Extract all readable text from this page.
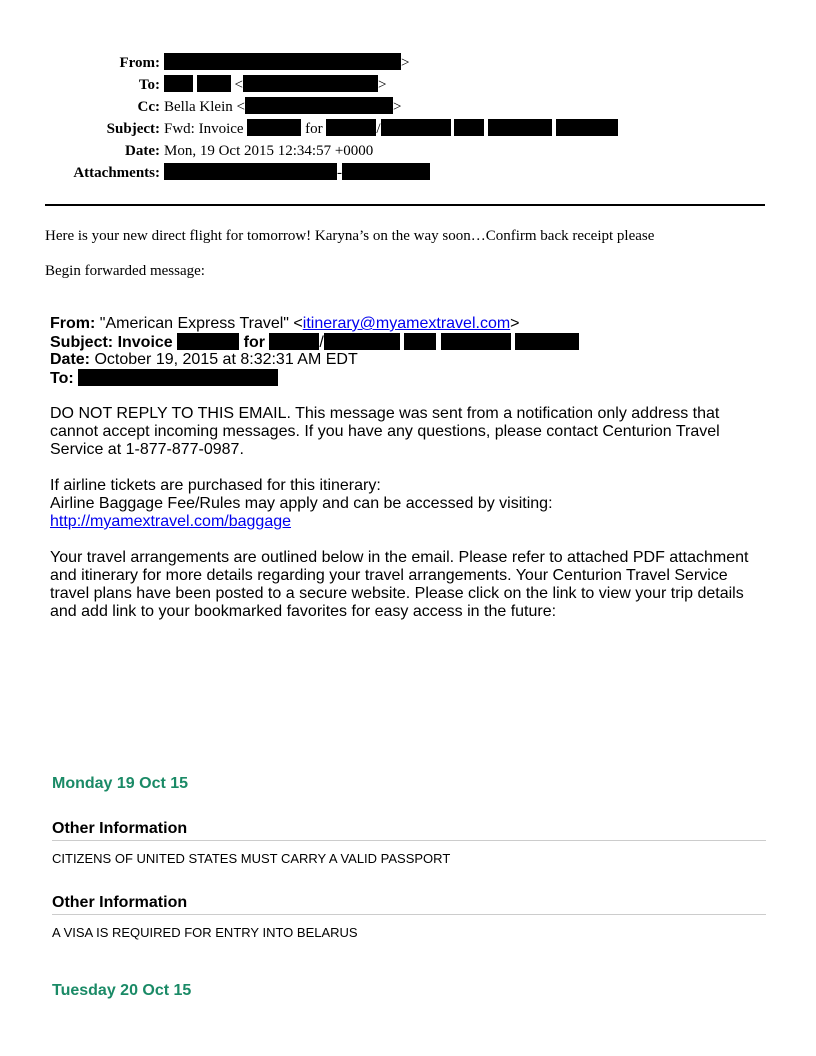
From:	>
To:	<	>
Cc: Bella Klein <	>
Subject: Fwd: Invoice	for	/
Date: Mon, 19 Oct 2015 12:34:57 +0000
Attachments:	-
Here is your new direct flight for tomorrow! Karyna’s on the way soon…Confirm back receipt please
Begin forwarded message:
From: "American Express Travel" <itinerary@myamextravel.com>
Subject: Invoice	for	/
Date: October 19, 2015 at 8:32:31 AM EDT
To:
DO NOT REPLY TO THIS EMAIL. This message was sent from a notification only address that cannot accept incoming messages. If you have any questions, please contact Centurion Travel Service at 1-877-877-0987.
If airline tickets are purchased for this itinerary:
Airline Baggage Fee/Rules may apply and can be accessed by visiting:
http://myamextravel.com/baggage
Your travel arrangements are outlined below in the email. Please refer to attached PDF attachment and itinerary for more details regarding your travel arrangements. Your Centurion Travel Service travel plans have been posted to a secure website. Please click on the link to view your trip details and add link to your bookmarked favorites for easy access in the future:
Monday 19 Oct 15
Other Information
CITIZENS OF UNITED STATES MUST CARRY A VALID PASSPORT
Other Information
A VISA IS REQUIRED FOR ENTRY INTO BELARUS
Tuesday 20 Oct 15
